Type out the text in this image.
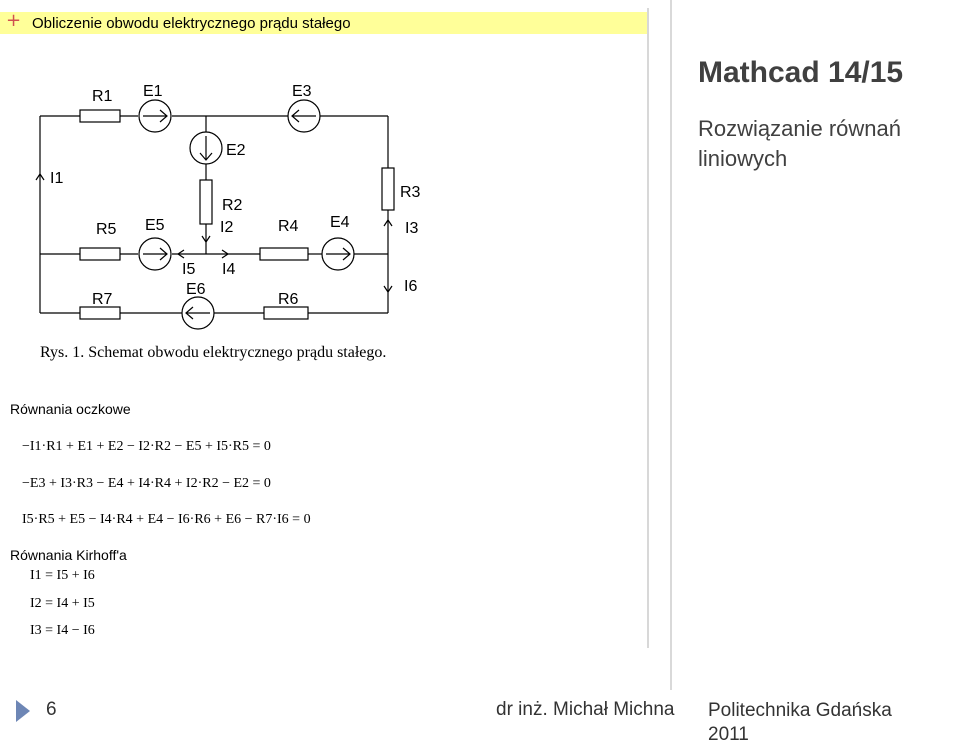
+ Obliczenie obwodu elektrycznego prądu stałego
R1 E1	E3
E2
I1
R3
R2
I2
R5 E5	R4 E4	I3
I5 I4
I6
R7
E6
R6
Rys. 1. Schemat obwodu elektrycznego prądu stałego.
Równania oczkowe
−I1·R1 + E1 + E2 − I2·R2 − E5 + I5·R5 = 0
−E3 + I3·R3 − E4 + I4·R4 + I2·R2 − E2 = 0
I5·R5 + E5 − I4·R4 + E4 − I6·R6 + E6 − R7·I6 = 0
Równania Kirhoff'a
I1 = I5 + I6
I2 = I4 + I5
I3 = I4 − I6
Mathcad 14/15
Rozwiązanie równań
liniowych
6	dr inż. Michał Michna Politechnika Gdańska
2011
